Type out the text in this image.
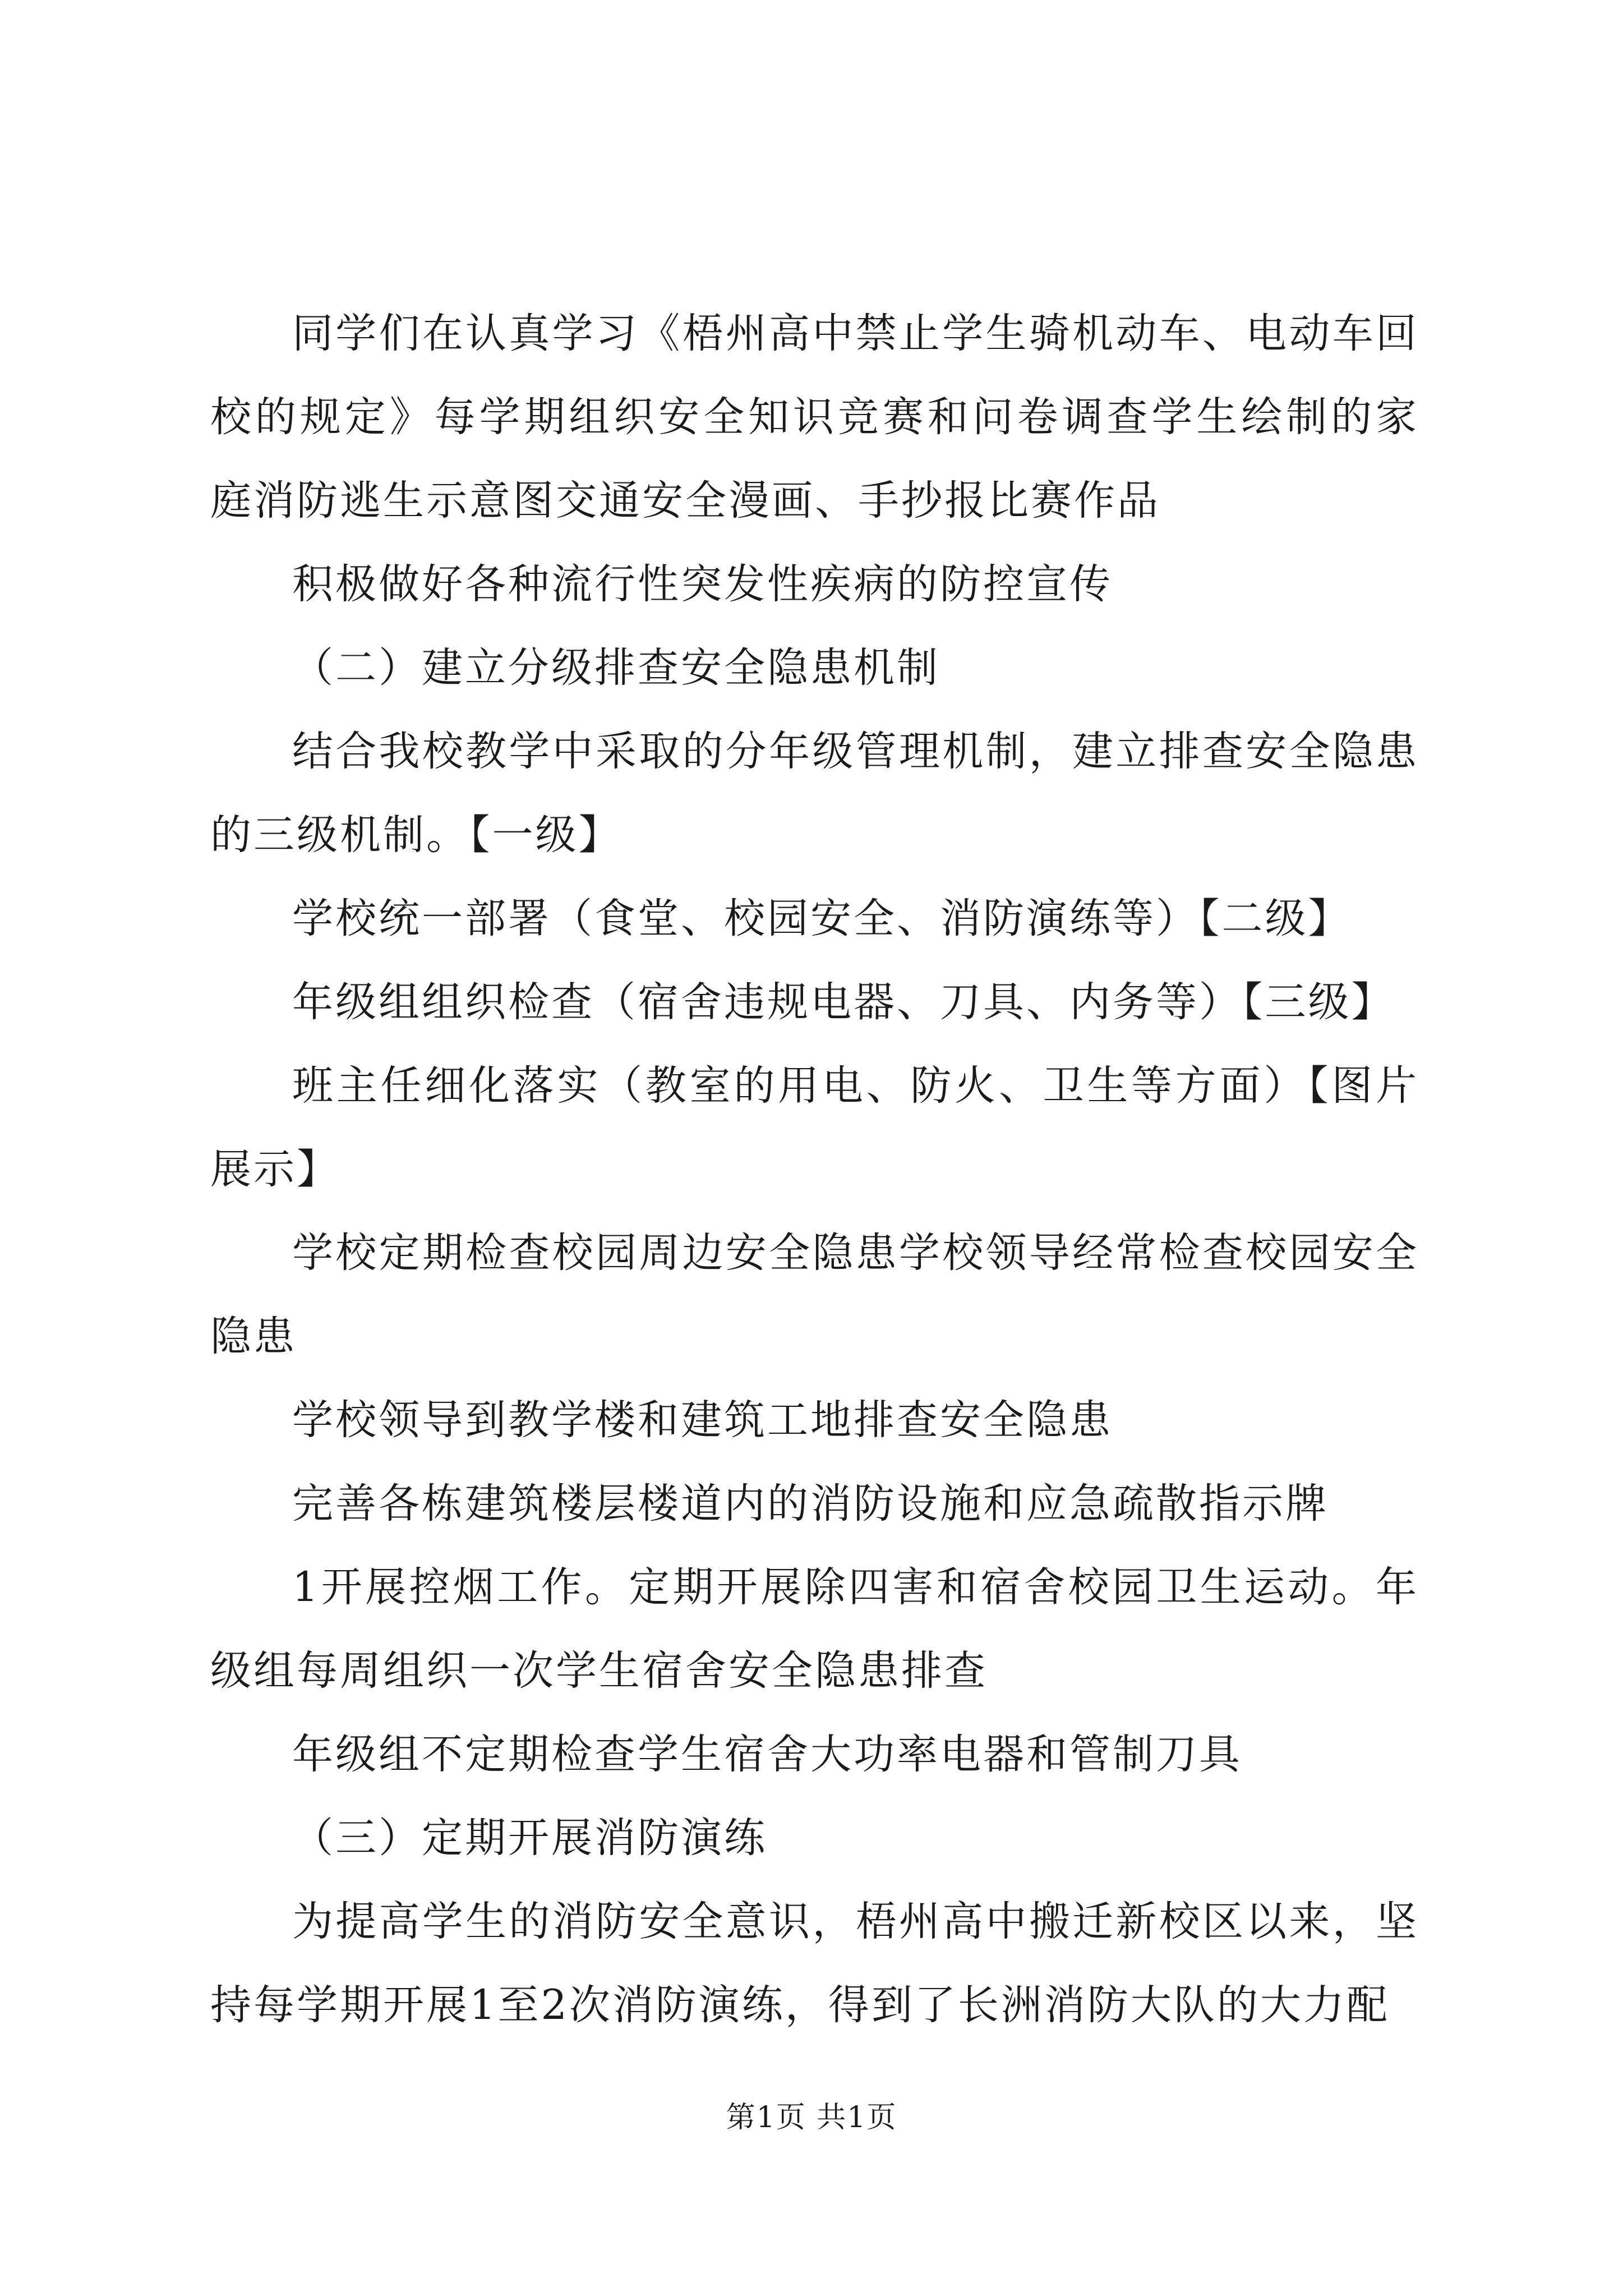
同学们在认真学习《梧州高中禁止学生骑机动车、电动车回校的规定》每学期组织安全知识竞赛和问卷调查学生绘制的家庭消防逃生示意图交通安全漫画、手抄报比赛作品

积极做好各种流行性突发性疾病的防控宣传

（二）建立分级排查安全隐患机制

结合我校教学中采取的分年级管理机制，建立排查安全隐患的三级机制。【一级】

学校统一部署（食堂、校园安全、消防演练等）【二级】

年级组组织检查（宿舍违规电器、刀具、内务等）【三级】

班主任细化落实（教室的用电、防火、卫生等方面）【图片展示】

学校定期检查校园周边安全隐患学校领导经常检查校园安全隐患

学校领导到教学楼和建筑工地排查安全隐患

完善各栋建筑楼层楼道内的消防设施和应急疏散指示牌

1开展控烟工作。定期开展除四害和宿舍校园卫生运动。年级组每周组织一次学生宿舍安全隐患排查

年级组不定期检查学生宿舍大功率电器和管制刀具

（三）定期开展消防演练

为提高学生的消防安全意识，梧州高中搬迁新校区以来，坚持每学期开展1至2次消防演练，得到了长洲消防大队的大力配

第1页 共1页
